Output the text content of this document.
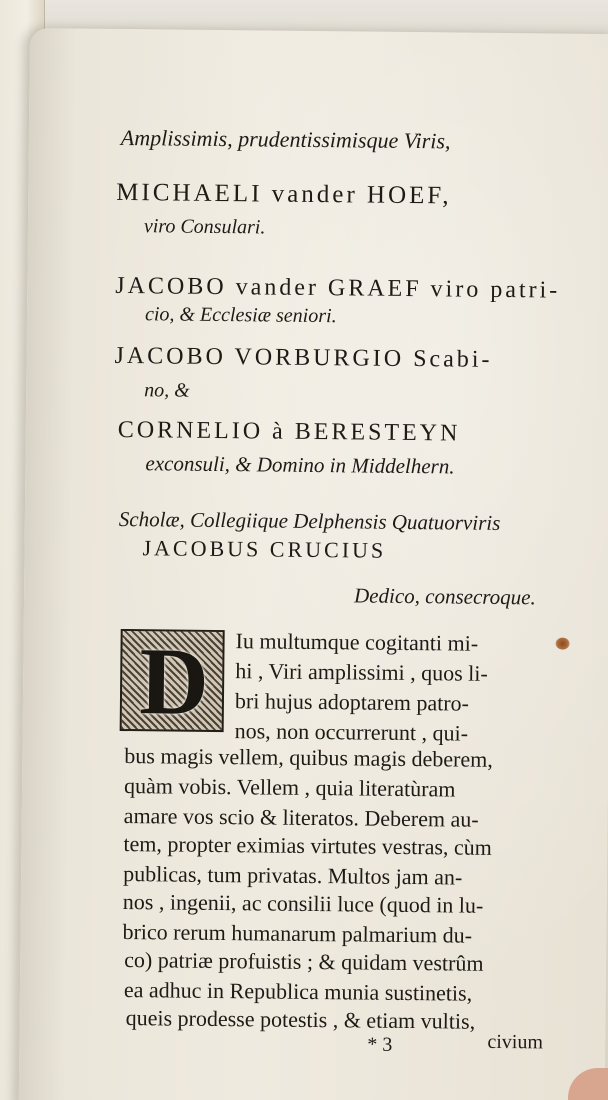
Amplissimis, prudentissimisque Viris,
MICHAELI vander HOEF,
viro Consulari.
JACOBO vander GRAEF viro patri-
cio, & Ecclesiæ seniori.
JACOBO VORBURGIO Scabi-
no, &
CORNELIO à BERESTEYN
exconsuli, & Domino in Middelhern.
Scholæ, Collegiique Delphensis Quatuorviris
JACOBUS CRUCIUS
Dedico, consecroque.
D	Iu multumque cogitanti mi-
hi , Viri amplissimi , quos li-
bri hujus adoptarem patro-
nos, non occurrerunt , qui-
bus magis vellem, quibus magis deberem,
quàm vobis. Vellem , quia literatùram
amare vos scio & literatos. Deberem au-
tem, propter eximias virtutes vestras, cùm
publicas, tum privatas. Multos jam an-
nos , ingenii, ac consilii luce (quod in lu-
brico rerum humanarum palmarium du-
co) patriæ profuistis ; & quidam vestrûm
ea adhuc in Republica munia sustinetis,
queis prodesse potestis , & etiam vultis,
* 3	civium
